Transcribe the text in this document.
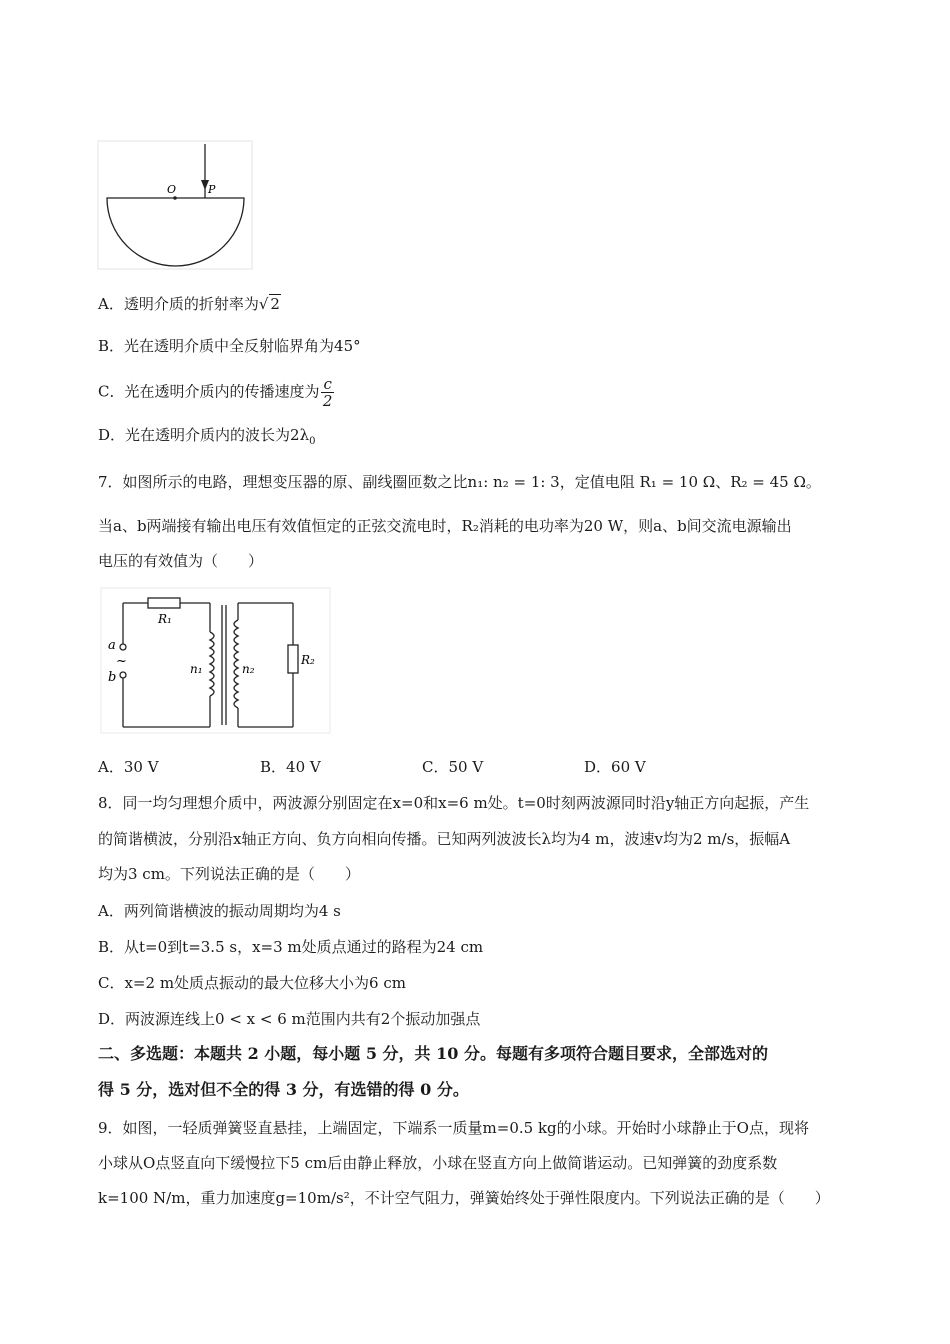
O	P
A．透明介质的折射率为√ 2
B．光在透明介质中全反射临界角为45°
C．光在透明介质内的传播速度为 $\frac{c}{2}$
D．光在透明介质内的波长为$2\lambda_0$
7．如图所示的电路，理想变压器的原、副线圈匝数之比n₁: n₂ = 1: 3，定值电阻 R₁ = 10 Ω、R₂ = 45 Ω。
当a、b两端接有输出电压有效值恒定的正弦交流电时，R₂消耗的电功率为20 W，则a、b间交流电源输出
电压的有效值为（　　）
R₁
a
~
b
n₁	n₂
R₂
A．30 V	B．40 V	C．50 V	D．60 V
8．同一均匀理想介质中，两波源分别固定在x=0和x=6 m处。t=0时刻两波源同时沿y轴正方向起振，产生
的简谐横波，分别沿x轴正方向、负方向相向传播。已知两列波波长λ均为4 m，波速v均为2 m/s，振幅A
均为3 cm。下列说法正确的是（　　）
A．两列简谐横波的振动周期均为4 s
B．从t=0到t=3.5 s，x=3 m处质点通过的路程为24 cm
C．x=2 m处质点振动的最大位移大小为6 cm
D．两波源连线上0 < x < 6 m范围内共有2个振动加强点
二、多选题：本题共 2 小题，每小题 5 分，共 10 分。每题有多项符合题目要求，全部选对的
得 5 分，选对但不全的得 3 分，有选错的得 0 分。
9．如图，一轻质弹簧竖直悬挂，上端固定，下端系一质量m=0.5 kg的小球。开始时小球静止于O点，现将
小球从O点竖直向下缓慢拉下5 cm后由静止释放，小球在竖直方向上做简谐运动。已知弹簧的劲度系数
k=100 N/m，重力加速度g=10m/s²，不计空气阻力，弹簧始终处于弹性限度内。下列说法正确的是（　　）
